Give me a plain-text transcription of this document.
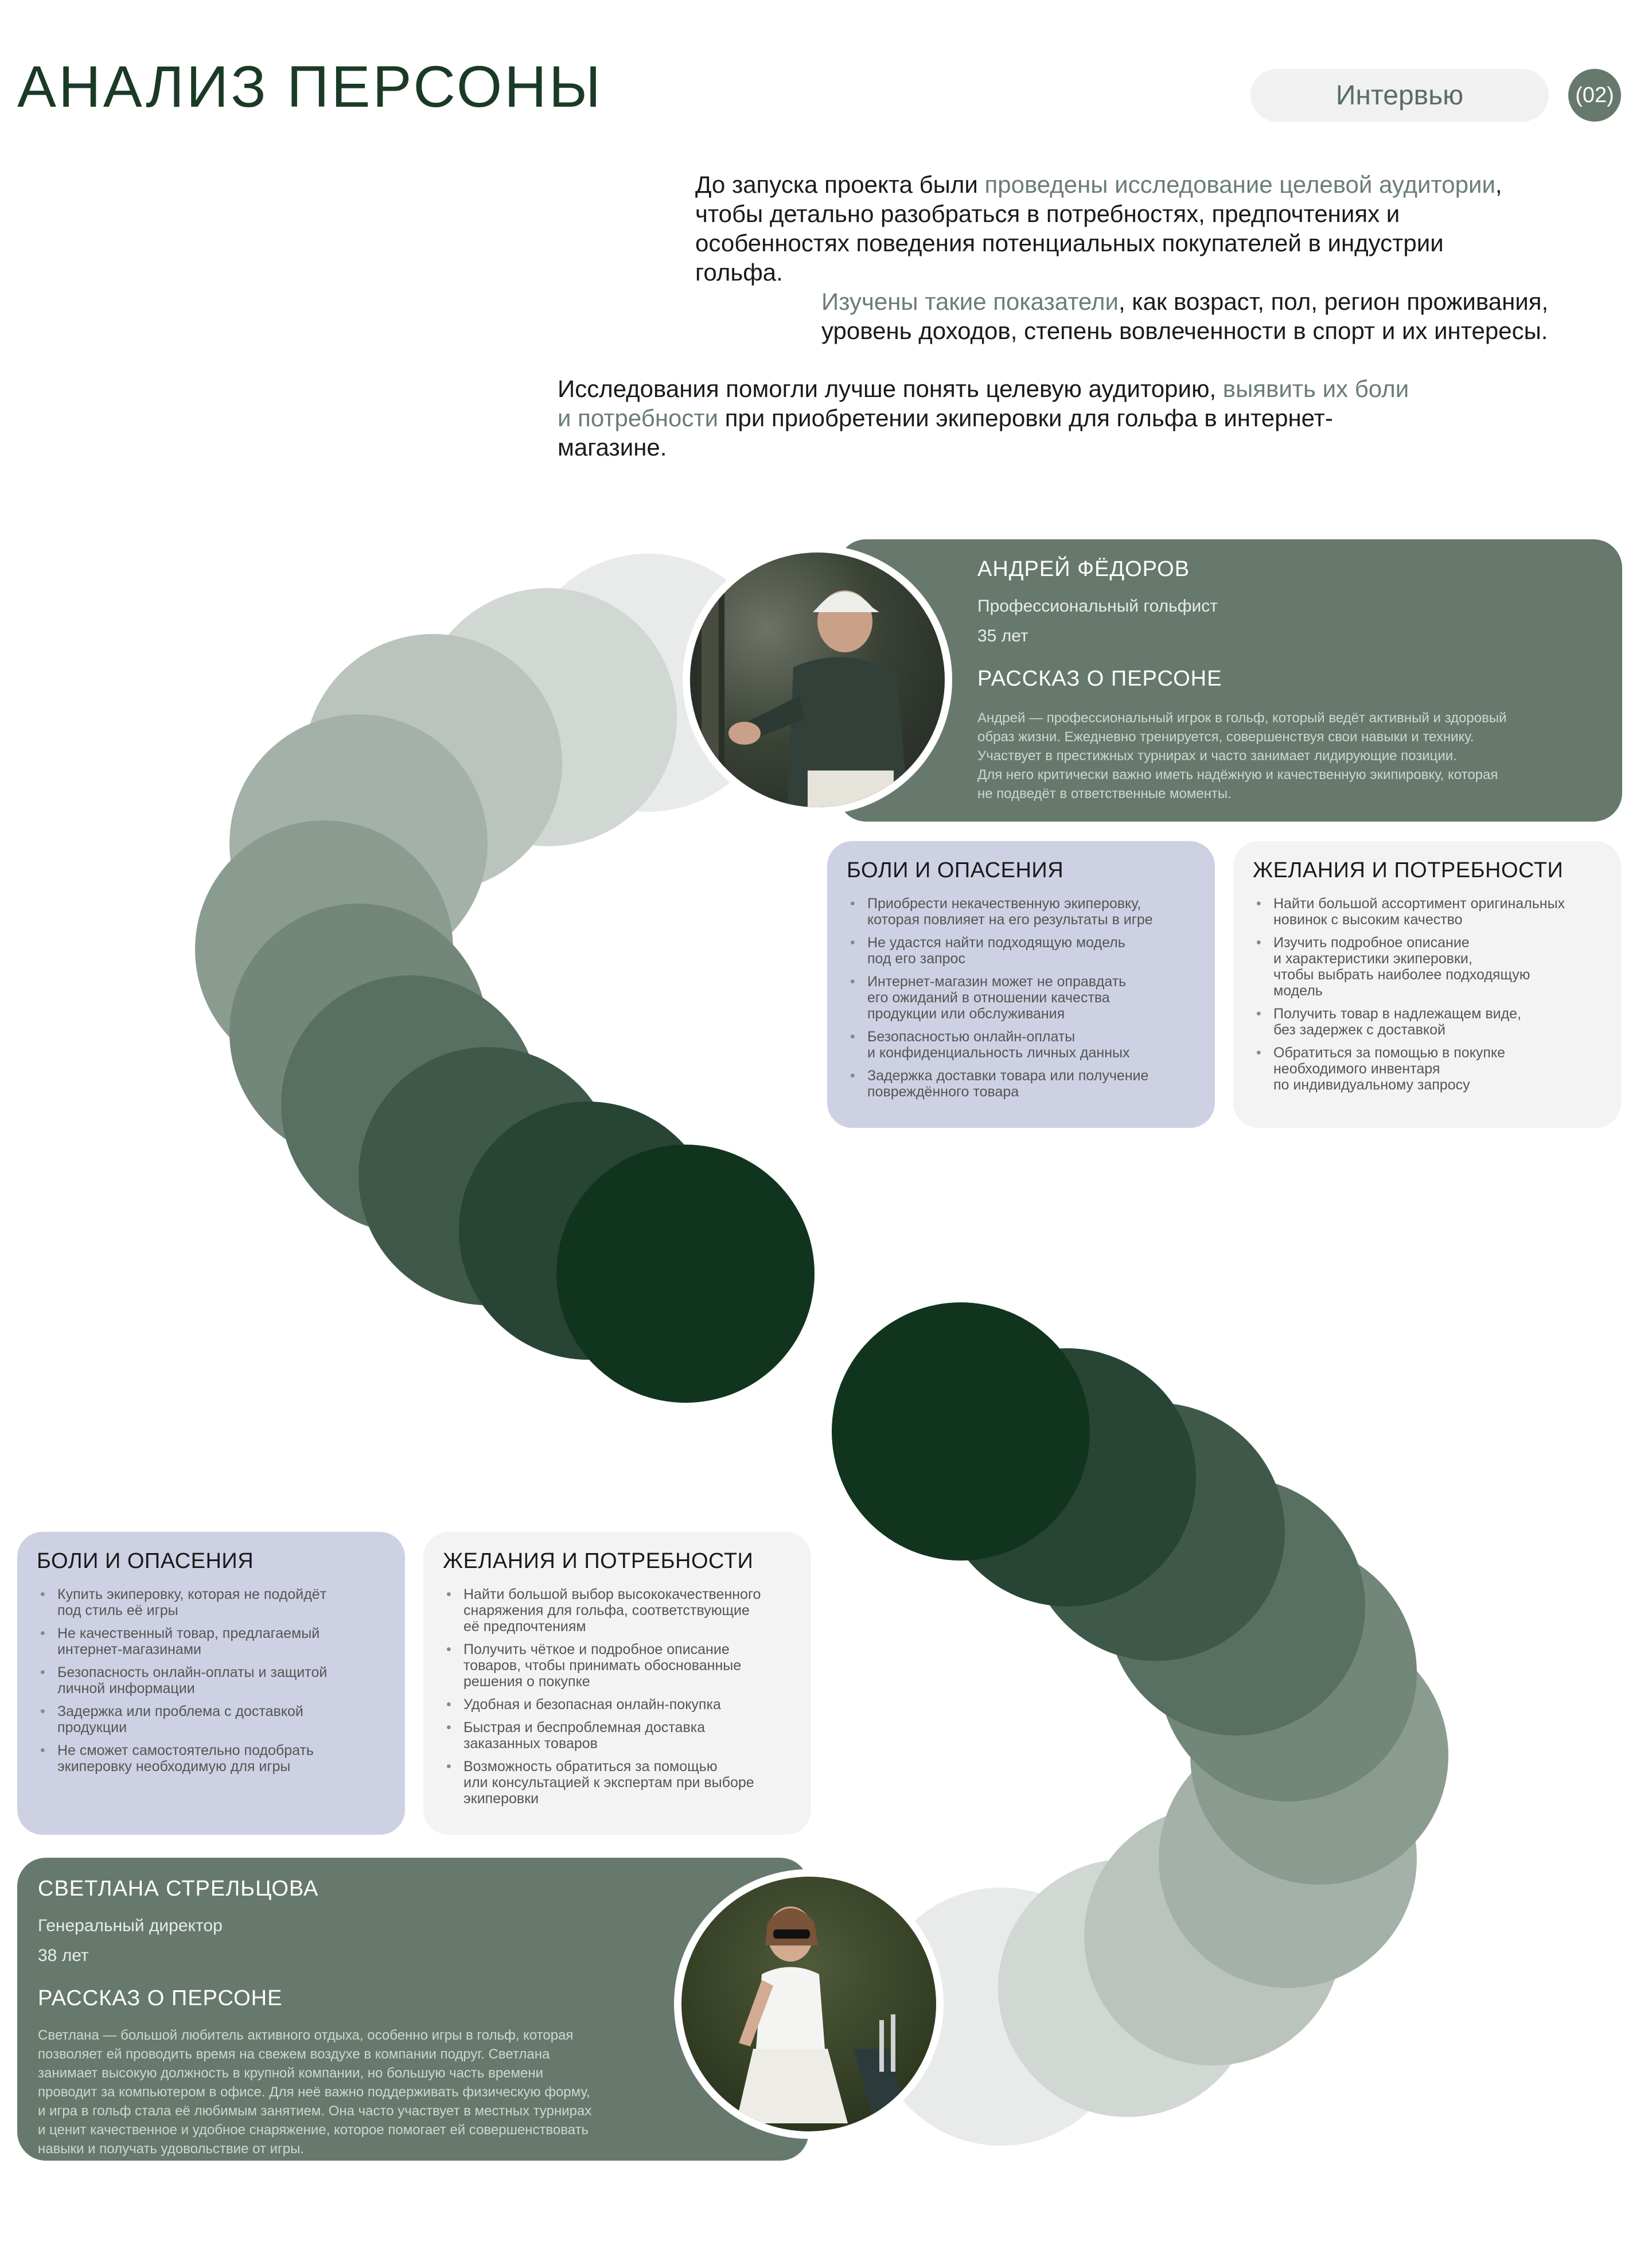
АНАЛИЗ ПЕРСОНЫ	Интервью	(02)

До запуска проекта были проведены исследование целевой аудитории, чтобы детально разобраться в потребностях, предпочтениях и особенностях поведения потенциальных покупателей в индустрии гольфа.

Изучены такие показатели, как возраст, пол, регион проживания, уровень доходов, степень вовлеченности в спорт и их интересы.

Исследования помогли лучше понять целевую аудиторию, выявить их боли и потребности при приобретении экиперовки для гольфа в интернет-магазине.

АНДРЕЙ ФЁДОРОВ

Профессиональный гольфист

35 лет

РАССКАЗ О ПЕРСОНЕ

Андрей — профессиональный игрок в гольф, который ведёт активный и здоровый
образ жизни. Ежедневно тренируется, совершенствуя свои навыки и технику.
Участвует в престижных турнирах и часто занимает лидирующие позиции.
Для него критически важно иметь надёжную и качественную экипировку, которая
не подведёт в ответственные моменты.

БОЛИ И ОПАСЕНИЯ

• Приобрести некачественную экиперовку,
которая повлияет на его результаты в игре
• Не удастся найти подходящую модель
под его запрос
• Интернет-магазин может не оправдать
его ожиданий в отношении качества
продукции или обслуживания
• Безопасностью онлайн-оплаты
и конфиденциальность личных данных
• Задержка доставки товара или получение
повреждённого товара

ЖЕЛАНИЯ И ПОТРЕБНОСТИ

• Найти большой ассортимент оригинальных
новинок с высоким качество
• Изучить подробное описание
и характеристики экиперовки,
чтобы выбрать наиболее подходящую
модель
• Получить товар в надлежащем виде,
без задержек с доставкой
• Обратиться за помощью в покупке
необходимого инвентаря
по индивидуальному запросу

БОЛИ И ОПАСЕНИЯ

• Купить экиперовку, которая не подойдёт
под стиль её игры
• Не качественный товар, предлагаемый
интернет-магазинами
• Безопасность онлайн-оплаты и защитой
личной информации
• Задержка или проблема с доставкой
продукции
• Не сможет самостоятельно подобрать
экиперовку необходимую для игры

ЖЕЛАНИЯ И ПОТРЕБНОСТИ

• Найти большой выбор высококачественного
снаряжения для гольфа, соответствующие
её предпочтениям
• Получить чёткое и подробное описание
товаров, чтобы принимать обоснованные
решения о покупке
• Удобная и безопасная онлайн-покупка
• Быстрая и беспроблемная доставка
заказанных товаров
• Возможность обратиться за помощью
или консультацией к экспертам при выборе
экиперовки

СВЕТЛАНА СТРЕЛЬЦОВА

Генеральный директор

38 лет

РАССКАЗ О ПЕРСОНЕ

Светлана — большой любитель активного отдыха, особенно игры в гольф, которая
позволяет ей проводить время на свежем воздухе в компании подруг. Светлана
занимает высокую должность в крупной компании, но большую часть времени
проводит за компьютером в офисе. Для неё важно поддерживать физическую форму,
и игра в гольф стала её любимым занятием. Она часто участвует в местных турнирах
и ценит качественное и удобное снаряжение, которое помогает ей совершенствовать
навыки и получать удовольствие от игры.
